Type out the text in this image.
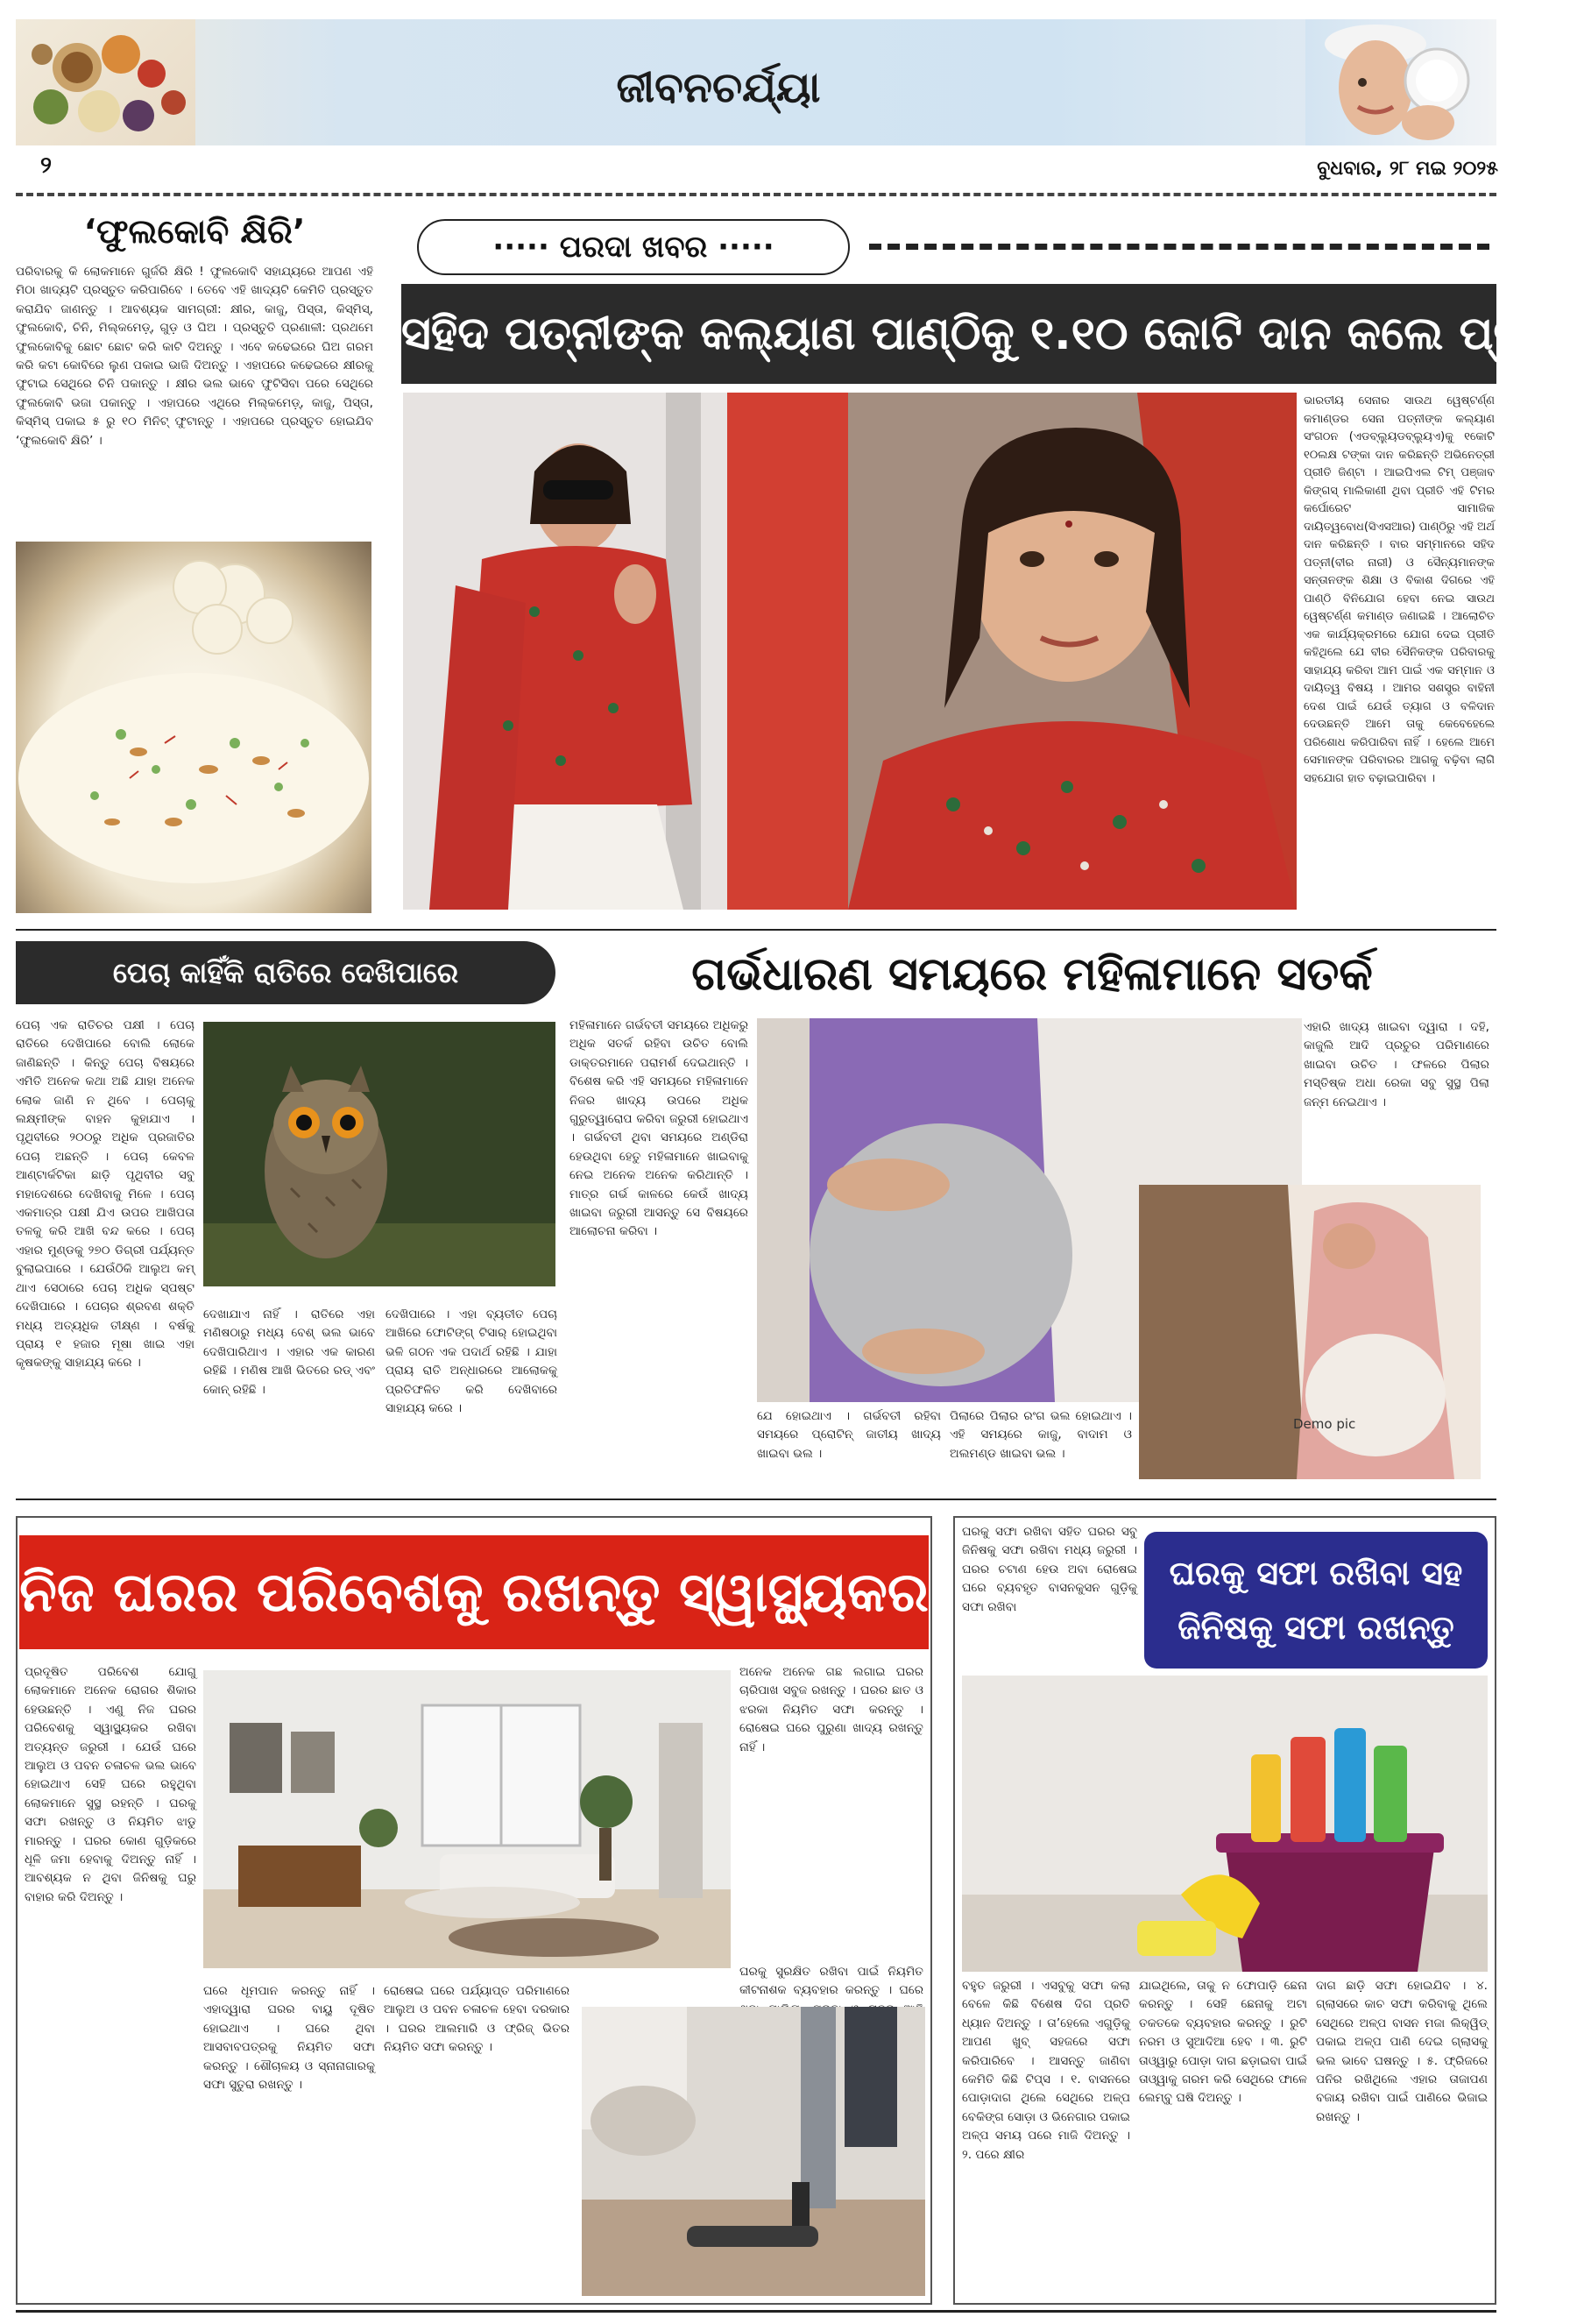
ଜୀବନଚର୍ଯ୍ୟା
୨	ବୁଧବାର, ୨୮ ମଇ ୨୦୨୫
‘ଫୁଲକୋବି କ୍ଷିରି’
ପରିବାରକୁ କି ଲୋକମାନେ ଗୁର୍ଜରି କ୍ଷିରି ! ଫୁଲକୋବି ସହାଯ୍ୟରେ ଆପଣ ଏହି ମିଠା ଖାଦ୍ୟଟି ପ୍ରସ୍ତୁତ କରିପାରିବେ । ତେବେ ଏହି ଖାଦ୍ୟଟି କେମିତି ପ୍ରସ୍ତୁତ କରାଯିବ ଜାଣନ୍ତୁ । ଆବଶ୍ୟକ ସାମଗ୍ରୀ: କ୍ଷୀର, କାଜୁ, ପିସ୍ତା, କିସ୍‌ମିସ୍, ଫୁଲକୋବି, ଚିନି, ମିଲ୍କମେଡ଼୍, ଗୁଡ଼ ଓ ଘିଅ । ପ୍ରସ୍ତୁତି ପ୍ରଣାଳୀ: ପ୍ରଥମେ ଫୁଲକୋବିକୁ ଛୋଟ ଛୋଟ କରି କାଟି ଦିଅନ୍ତୁ । ଏବେ କଢେଇରେ ଘିଅ ଗରମ କରି କଟା କୋବିରେ ଲୁଣ ପକାଇ ଭାଜି ଦିଅନ୍ତୁ । ଏହାପରେ କଢେଇରେ କ୍ଷୀରକୁ ଫୁଟାଇ ସେଥିରେ ଚିନି ପକାନ୍ତୁ । କ୍ଷୀର ଭଲ ଭାବେ ଫୁଟିସିବା ପରେ ସେଥିରେ ଫୁଲକୋବି ଭଜା ପକାନ୍ତୁ । ଏହାପରେ ଏଥିରେ ମିଲ୍କମେଡ଼୍, କାଜୁ, ପିସ୍ତା, କିସ୍‌ମିସ୍ ପକାଇ ୫ ରୁ ୧୦ ମିନିଟ୍ ଫୁଟାନ୍ତୁ । ଏହାପରେ ପ୍ରସ୍ତୁତ ହୋଇଯିବ ‘ଫୁଲକୋବି କ୍ଷିରି’ ।
····· ପରଦା ଖବର ·····
ସହିଦ ପତ୍ନୀଙ୍କ କଲ୍ୟାଣ ପାଣ୍ଠିକୁ ୧.୧୦ କୋଟି ଦାନ କଲେ ପ୍ରୀତି
ଭାରତୀୟ ସେନାର ସାଉଥ ୱେଷ୍ଟର୍ଣ୍ଣ କମାଣ୍ଡର ସେନା ପତ୍ନୀଙ୍କ କଲ୍ୟାଣ ସଂଗଠନ (ଏଡବ୍ଲ୍ୟୁଡବ୍ଲ୍ୟୁଏ)କୁ ୧କୋଟି ୧୦ଲକ୍ଷ ଟଙ୍କା ଦାନ କରିଛନ୍ତି ଅଭିନେତ୍ରୀ ପ୍ରୀତି ଜିଣ୍ଟା । ଆଇପିଏଲ ଟିମ୍ ପଞ୍ଜାବ କିଙ୍ଗସ୍ ମାଲିକାଣୀ ଥିବା ପ୍ରୀତି ଏହି ଟିମର କର୍ପୋରେଟ ସାମାଜିକ ଦାୟିତ୍ୱବୋଧ(ସିଏସଆର) ପାଣ୍ଠିରୁ ଏହି ଅର୍ଥ ଦାନ କରିଛନ୍ତି । ବାର ସମ୍ମାନରେ ସହିଦ ପତ୍ନୀ(ବୀର ନାରୀ) ଓ ସୈନ୍ୟମାନଙ୍କ ସନ୍ତାନଙ୍କ ଶିକ୍ଷା ଓ ବିକାଶ ଦିଗରେ ଏହି ପାଣ୍ଠି ବିନିଯୋଗ ହେବା ନେଇ ସାଉଥ ୱେଷ୍ଟର୍ଣ୍ଣ କମାଣ୍ଡ ଜଣାଇଛି । ଆଲୋଚିତ ଏକ କାର୍ଯ୍ୟକ୍ରମରେ ଯୋଗ ଦେଇ ପ୍ରୀତି କହିଥିଲେ ଯେ ବୀର ସୈନିକଙ୍କ ପରିବାରକୁ ସାହାଯ୍ୟ କରିବା ଆମ ପାଇଁ ଏକ ସମ୍ମାନ ଓ ଦାୟିତ୍ୱ ବିଷୟ । ଆମର ସଶସ୍ତ୍ର ବାହିନୀ ଦେଶ ପାଇଁ ଯେଉଁ ତ୍ୟାଗ ଓ ବଳିଦାନ ଦେଉଛନ୍ତି ଆମେ ତାକୁ କେବେହେଲେ ପରିଶୋଧ କରିପାରିବା ନାହିଁ । ହେଲେ ଆମେ ସେମାନଙ୍କ ପରିବାରର ଆଗକୁ ବଢ଼ିବା ଲାଗି ସହଯୋଗ ହାତ ବଢ଼ାଇପାରିବା ।
ପେଚା କାହିଁକି ରାତିରେ ଦେଖିପାରେ
ପେଚା ଏକ ରାତିଚର ପକ୍ଷୀ । ପେଚା ରାତିରେ ଦେଖିପାରେ ବୋଲି ଲୋକେ ଜାଣିଛନ୍ତି । କିନ୍ତୁ ପେଚା ବିଷୟରେ ଏମିତି ଅନେକ କଥା ଅଛି ଯାହା ଅନେକ ଲୋକ ଜାଣି ନ ଥିବେ । ପେଚାକୁ ଲକ୍ଷ୍ମୀଙ୍କ ବାହନ କୁହାଯାଏ । ପୃଥିବୀରେ ୨୦୦ରୁ ଅଧିକ ପ୍ରଜାତିର ପେଚା ଅଛନ୍ତି । ପେଚା କେବଳ ଆଣ୍ଟାର୍କଟିକା ଛାଡ଼ି ପୃଥିବୀର ସବୁ ମହାଦେଶରେ ଦେଖିବାକୁ ମିଳେ । ପେଚା ଏକମାତ୍ର ପକ୍ଷୀ ଯିଏ ଉପର ଆଖିପତା ତଳକୁ କରି ଆଖି ବନ୍ଦ କରେ । ପେଚା ଏହାର ମୁଣ୍ଡକୁ ୨୭୦ ଡିଗ୍ରୀ ପର୍ଯ୍ୟନ୍ତ ବୁଲାଇପାରେ । ଯେଉଁଠିକି ଆଲୁଅ କମ୍ ଥାଏ ସେଠାରେ ପେଚା ଅଧିକ ସ୍ପଷ୍ଟ ଦେଖିପାରେ । ପେଚାର ଶ୍ରବଣ ଶକ୍ତି ମଧ୍ୟ ଅତ୍ୟଧିକ ତୀକ୍ଷ୍ଣ । ବର୍ଷକୁ ପ୍ରାୟ ୧ ହଜାର ମୂଷା ଖାଇ ଏହା କୃଷକଙ୍କୁ ସାହାଯ୍ୟ କରେ ।
ଦେଖାଯାଏ ନାହିଁ । ରାତିରେ ଏହା ମଣିଷଠାରୁ ମଧ୍ୟ ବେଶ୍ ଭଲ ଭାବେ ଦେଖିପାରିଥାଏ । ଏହାର ଏକ କାରଣ ରହିଛି । ମଣିଷ ଆଖି ଭିତରେ ରଡ୍ ଏବଂ କୋନ୍ ରହିଛି ।
ଦେଖିପାରେ । ଏହା ବ୍ୟତୀତ ପେଚା ଆଖିରେ ଫୋଟିଙ୍ଗ୍ ଟିସାର୍ ହୋଇଥିବା ଭଳି ଗଠନ ଏକ ପଦାର୍ଥ ରହିଛି । ଯାହା ପ୍ରାୟ ରାତି ଅନ୍ଧାରରେ ଆଲୋକକୁ ପ୍ରତିଫଳିତ କରି ଦେଖିବାରେ ସାହାଯ୍ୟ କରେ ।
ଗର୍ଭଧାରଣ ସମୟରେ ମହିଳାମାନେ ସତର୍କ
ମହିଳାମାନେ ଗର୍ଭବତୀ ସମୟରେ ଅଧିକରୁ ଅଧିକ ସତର୍କ ରହିବା ଉଚିତ ବୋଲି ଡାକ୍ତରମାନେ ପରାମର୍ଶ ଦେଇଥାନ୍ତି । ବିଶେଷ କରି ଏହି ସମୟରେ ମହିଳାମାନେ ନିଜର ଖାଦ୍ୟ ଉପରେ ଅଧିକ ଗୁରୁତ୍ୱାରୋପ କରିବା ଜରୁରୀ ହୋଇଥାଏ । ଗର୍ଭବତୀ ଥିବା ସମୟରେ ଅଣ୍ଡିରା ହେଉଥିବା ହେତୁ ମହିଳାମାନେ ଖାଇବାକୁ ନେଇ ଅନେକ ଅନେକ କରିଥାନ୍ତି । ମାତ୍ର ଗର୍ଭ କାଳରେ କେଉଁ ଖାଦ୍ୟ ଖାଇବା ଜରୁରୀ ଆସନ୍ତୁ ସେ ବିଷୟରେ ଆଲୋଚନା କରିବା ।
Demo pic
ଏହାରି ଖାଦ୍ୟ ଖାଇବା ଦ୍ୱାରା । ଦହି, କାଜୁଲି ଆଦି ପ୍ରଚୁର ପରିମାଣରେ ଖାଇବା ଉଚିତ । ଫଳରେ ପିଲାର ମସ୍ତିଷ୍କ ଅଧା ରେକା ସବୁ ସୁସ୍ଥ ପିଲା ଜନ୍ମ ନେଇଥାଏ ।
ଯେ ହୋଇଥାଏ । ଗର୍ଭବତୀ ରହିବା ସମୟରେ ପ୍ରୋଟିନ୍ ଜାତୀୟ ଖାଦ୍ୟ ଖାଇବା ଭଲ ।
ପିଲାରେ ପିଲାର ରଂଗ ଭଲ ହୋଇଥାଏ । ଏହି ସମୟରେ କାଜୁ, ବାଦାମ ଓ ଅଲମଣ୍ଡ ଖାଇବା ଭଲ ।
ନିଜ ଘରର ପରିବେଶକୁ ରଖନ୍ତୁ ସ୍ୱାସ୍ଥ୍ୟକର
ପ୍ରଦୂଷିତ ପରିବେଶ ଯୋଗୁ ଲୋକମାନେ ଅନେକ ରୋଗର ଶିକାର ହେଉଛନ୍ତି । ଏଣୁ ନିଜ ଘରର ପରିବେଶକୁ ସ୍ୱାସ୍ଥ୍ୟକର ରଖିବା ଅତ୍ୟନ୍ତ ଜରୁରୀ । ଯେଉଁ ଘରେ ଆଲୁଅ ଓ ପବନ ଚଳାଚଳ ଭଲ ଭାବେ ହୋଇଥାଏ ସେହି ଘରେ ରହୁଥିବା ଲୋକମାନେ ସୁସ୍ଥ ରହନ୍ତି । ଘରକୁ ସଫା ରଖନ୍ତୁ ଓ ନିୟମିତ ଝାଡୁ ମାରନ୍ତୁ । ଘରର କୋଣ ଗୁଡ଼ିକରେ ଧୂଳି ଜମା ହେବାକୁ ଦିଅନ୍ତୁ ନାହିଁ । ଆବଶ୍ୟକ ନ ଥିବା ଜିନିଷକୁ ଘରୁ ବାହାର କରି ଦିଅନ୍ତୁ ।
ଅନେକ ଅନେକ ଗଛ ଲଗାଇ ଘରର ଚାରିପାଖ ସବୁଜ ରଖନ୍ତୁ । ଘରର ଛାତ ଓ ଝରକା ନିୟମିତ ସଫା କରନ୍ତୁ । ରୋଷେଇ ଘରେ ପୁରୁଣା ଖାଦ୍ୟ ରଖନ୍ତୁ ନାହିଁ ।
ଘରକୁ ସୁରକ୍ଷିତ ରଖିବା ପାଇଁ ନିୟମିତ କୀଟନାଶକ ବ୍ୟବହାର କରନ୍ତୁ । ଘରେ
ଘରେ ଧୂମପାନ କରନ୍ତୁ ନାହିଁ । ଏହାଦ୍ୱାରା ଘରର ବାୟୁ ଦୂଷିତ ହୋଇଥାଏ । ଘରେ ଥିବା ଆସବାବପତ୍ରକୁ ନିୟମିତ ସଫା କରନ୍ତୁ । ଶୌଚାଳୟ ଓ ସ୍ନାନାଗାରକୁ ସଫା ସୁତୁରା ରଖନ୍ତୁ ।
ରୋଷେଇ ଘରେ ପର୍ଯ୍ୟାପ୍ତ ପରିମାଣରେ ଆଲୁଅ ଓ ପବନ ଚଳାଚଳ ହେବା ଦରକାର । ଘରର ଆଲମାରି ଓ ଫ୍ରିଜ୍ ଭିତର ନିୟମିତ ସଫା କରନ୍ତୁ ।
ଘରକୁ ସଫା ରଖିବା ସହିତ ଘରର ସବୁ ଜିନିଷକୁ ସଫା ରଖିବା ମଧ୍ୟ ଜରୁରୀ । ଘରର ଚଟାଣ ହେଉ ଅବା ରୋଷେଇ ଘରେ ବ୍ୟବହୃତ ବାସନକୁସନ ଗୁଡ଼ିକୁ ସଫା ରଖିବା
ଘରକୁ ସଫା ରଖିବା ସହ ଜିନିଷକୁ ସଫା ରଖନ୍ତୁ
ବହୁତ ଜରୁରୀ । ଏସବୁକୁ ସଫା କଲା ବେଳେ କିଛି ବିଶେଷ ଦିଗ ପ୍ରତି ଧ୍ୟାନ ଦିଅନ୍ତୁ । ତା’ହେଲେ ଏଗୁଡ଼ିକୁ ଆପଣ ଖୁବ୍ ସହଜରେ ସଫା କରିପାରିବେ । ଆସନ୍ତୁ ଜାଣିବା କେମିତି କିଛି ଟିପ୍ସ । ୧. ବାସନରେ ପୋଡ଼ାଦାଗ ଥିଲେ ସେଥିରେ ଅଳ୍ପ ବେକିଙ୍ଗ ସୋଡ଼ା ଓ ଭିନେଗାର ପକାଇ ଅଳ୍ପ ସମୟ ପରେ ମାଜି ଦିଅନ୍ତୁ । ୨. ପରେ କ୍ଷୀର
ଯାଇଥିଲେ, ତାକୁ ନ ଫୋପାଡ଼ି ଛେନା କରନ୍ତୁ । ସେହି ଛେନାକୁ ଅଟା ତକତକେ ବ୍ୟବହାର କରନ୍ତୁ । ରୁଟି ନରମ ଓ ସୁଆଦିଆ ହେବ । ୩. ରୁଟି ତାଓ୍ୱାରୁ ପୋଡ଼ା ଦାଗ ଛଡ଼ାଇବା ପାଇଁ ତାଓ୍ୱାକୁ ଗରମ କରି ସେଥିରେ ଫାଳେ ଲେମ୍ବୁ ଘଷି ଦିଅନ୍ତୁ ।
ଦାଗ ଛାଡ଼ି ସଫା ହୋଇଯିବ । ୪. ଗ୍ଲାସରେ କାଚ ସଫା କରିବାକୁ ଥିଲେ ସେଥିରେ ଅଳ୍ପ ବାସନ ମଜା ଲିକ୍ୱିଡ୍ ପକାଇ ଅଳ୍ପ ପାଣି ଦେଇ ଗ୍ଲାସକୁ ଭଲ ଭାବେ ଘଷନ୍ତୁ । ୫. ଫ୍ରିଜରେ ପନିର ରଖିଥିଲେ ଏହାର ତାଜାପଣ ବଜାୟ ରଖିବା ପାଇଁ ପାଣିରେ ଭିଜାଇ ରଖନ୍ତୁ ।
